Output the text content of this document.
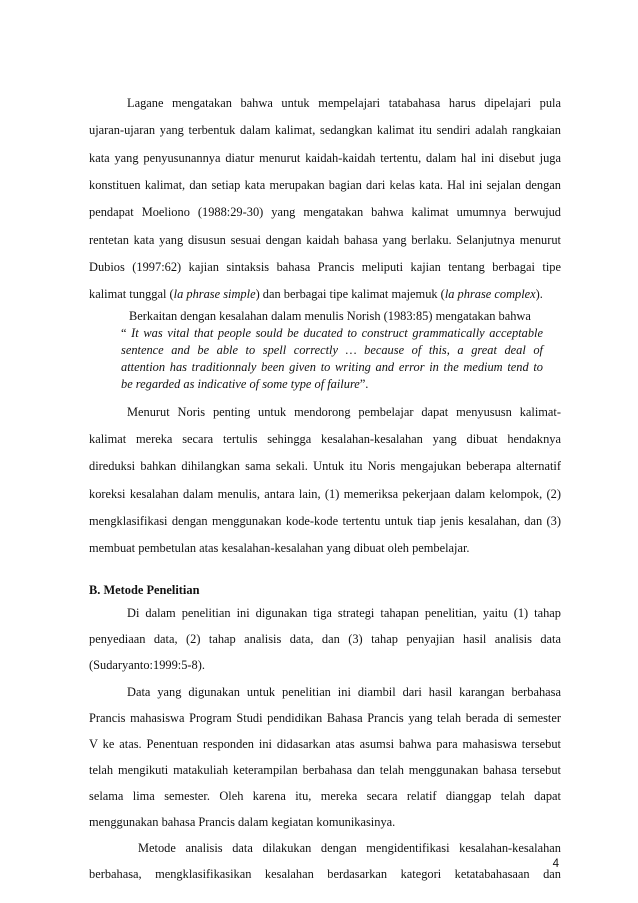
Lagane mengatakan bahwa untuk mempelajari tatabahasa harus dipelajari pula
ujaran-ujaran yang terbentuk dalam kalimat, sedangkan kalimat itu sendiri adalah rangkaian
kata yang penyusunannya diatur menurut kaidah-kaidah tertentu, dalam hal ini disebut juga
konstituen kalimat, dan setiap kata merupakan bagian dari kelas kata. Hal ini sejalan dengan
pendapat Moeliono (1988:29-30) yang mengatakan bahwa kalimat umumnya berwujud
rentetan kata yang disusun sesuai dengan kaidah bahasa yang berlaku. Selanjutnya menurut
Dubios (1997:62) kajian sintaksis bahasa Prancis meliputi kajian tentang berbagai tipe
kalimat tunggal (la phrase simple) dan berbagai tipe kalimat majemuk (la phrase complex).
Berkaitan dengan kesalahan dalam menulis Norish (1983:85) mengatakan bahwa
“ It was vital that people sould be ducated to construct grammatically acceptable
sentence and be able to spell correctly … because of this, a great deal of
attention has traditionnaly been given to writing and error in the medium tend to
be regarded as indicative of some type of failure”.
Menurut Noris penting untuk mendorong pembelajar dapat menyususn kalimat-
kalimat mereka secara tertulis sehingga kesalahan-kesalahan yang dibuat hendaknya
direduksi bahkan dihilangkan sama sekali. Untuk itu Noris mengajukan beberapa alternatif
koreksi kesalahan dalam menulis, antara lain, (1) memeriksa pekerjaan dalam kelompok, (2)
mengklasifikasi dengan menggunakan kode-kode tertentu untuk tiap jenis kesalahan, dan (3)
membuat pembetulan atas kesalahan-kesalahan yang dibuat oleh pembelajar.
B. Metode Penelitian
Di dalam penelitian ini digunakan tiga strategi tahapan penelitian, yaitu (1) tahap
penyediaan data, (2) tahap analisis data, dan (3) tahap penyajian hasil analisis data
(Sudaryanto:1999:5-8).
Data yang digunakan untuk penelitian ini diambil dari hasil karangan berbahasa
Prancis mahasiswa Program Studi pendidikan Bahasa Prancis yang telah berada di semester
V ke atas. Penentuan responden ini didasarkan atas asumsi bahwa para mahasiswa tersebut
telah mengikuti matakuliah keterampilan berbahasa dan telah menggunakan bahasa tersebut
selama lima semester. Oleh karena itu, mereka secara relatif dianggap telah dapat
menggunakan bahasa Prancis dalam kegiatan komunikasinya.
Metode analisis data dilakukan dengan mengidentifikasi kesalahan-kesalahan
berbahasa, mengklasifikasikan kesalahan berdasarkan kategori ketatabahasaan dan
4
